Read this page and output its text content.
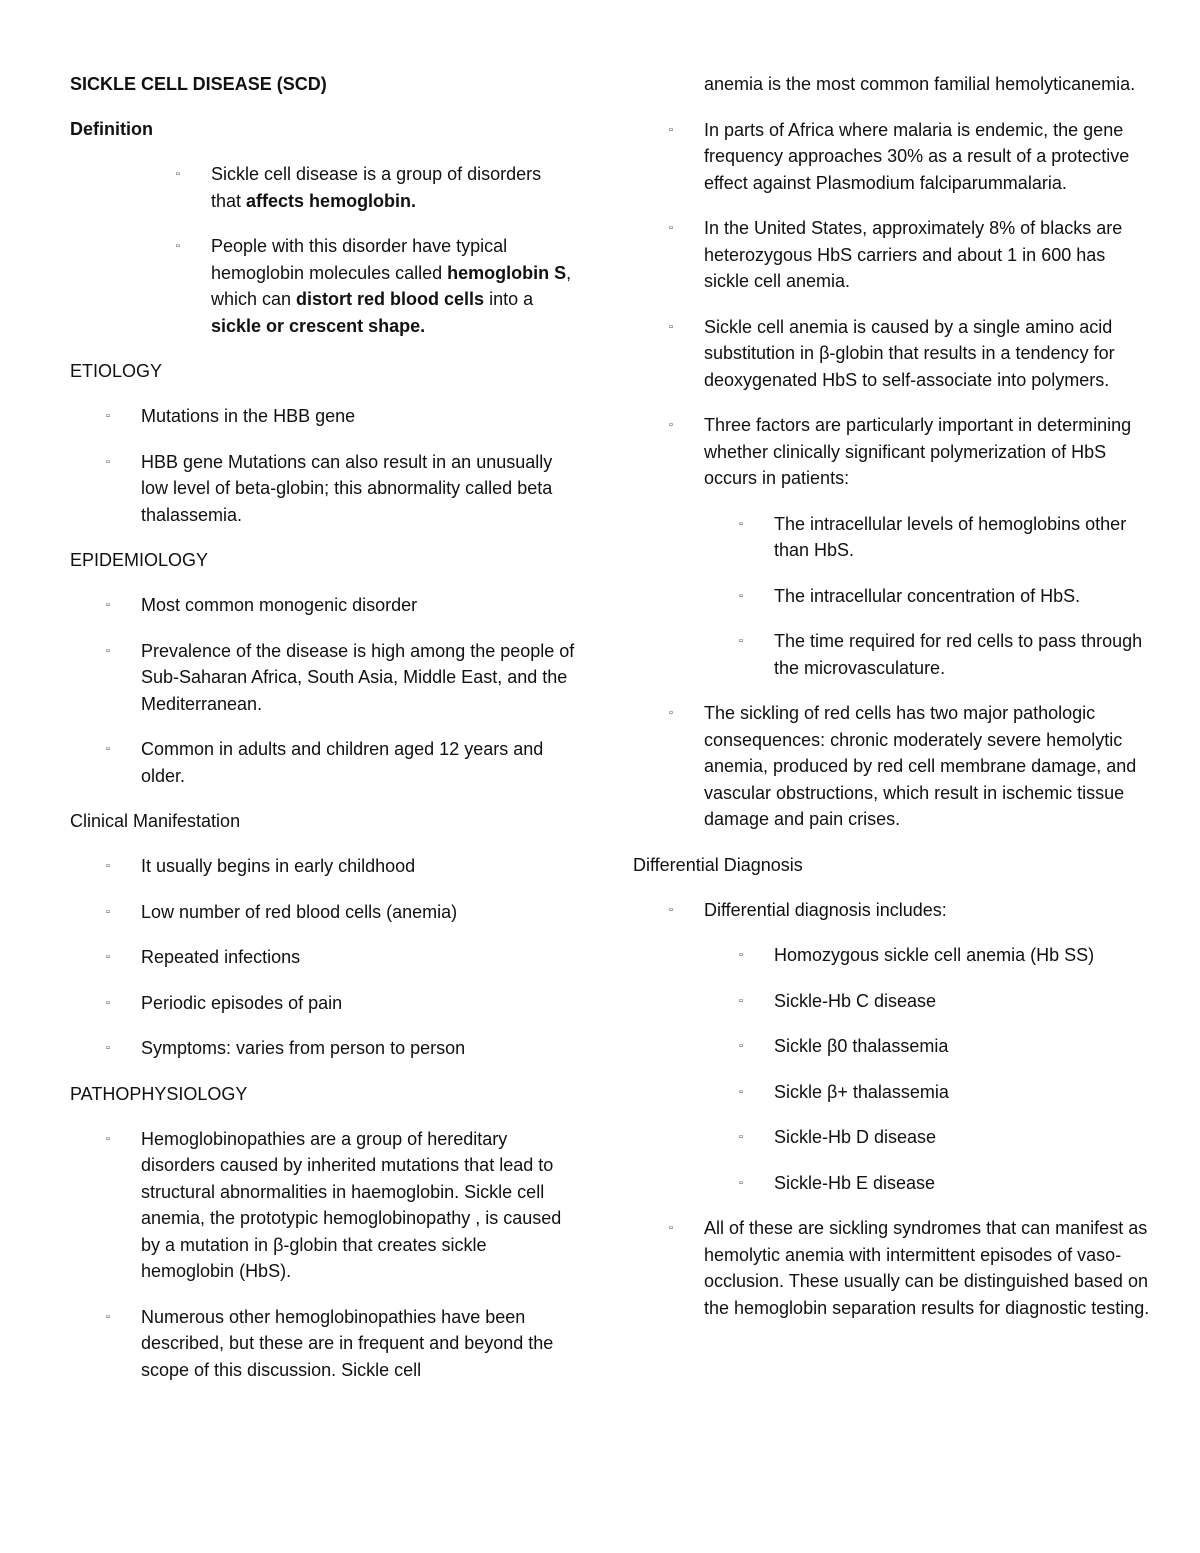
SICKLE CELL DISEASE (SCD)
Definition
▫ Sickle cell disease is a group of disorders that affects hemoglobin.
▫ People with this disorder have typical hemoglobin molecules called hemoglobin S, which can distort red blood cells into a sickle or crescent shape.
ETIOLOGY
▫ Mutations in the HBB gene
▫ HBB gene Mutations can also result in an unusually low level of beta-globin; this abnormality called beta thalassemia.
EPIDEMIOLOGY
▫ Most common monogenic disorder
▫ Prevalence of the disease is high among the people of Sub-Saharan Africa, South Asia, Middle East, and the Mediterranean.
▫ Common in adults and children aged 12 years and older.
Clinical Manifestation
▫ It usually begins in early childhood
▫ Low number of red blood cells (anemia)
▫ Repeated infections
▫ Periodic episodes of pain
▫ Symptoms: varies from person to person
PATHOPHYSIOLOGY
▫ Hemoglobinopathies are a group of hereditary disorders caused by inherited mutations that lead to structural abnormalities in haemoglobin. Sickle cell anemia, the prototypic hemoglobinopathy , is caused by a mutation in β-globin that creates sickle hemoglobin (HbS).
▫ Numerous other hemoglobinopathies have been described, but these are in frequent and beyond the scope of this discussion. Sickle cell
anemia is the most common familial hemolyticanemia.
▫ In parts of Africa where malaria is endemic, the gene frequency approaches 30% as a result of a protective effect against Plasmodium falciparummalaria.
▫ In the United States, approximately 8% of blacks are heterozygous HbS carriers and about 1 in 600 has sickle cell anemia.
▫ Sickle cell anemia is caused by a single amino acid substitution in β-globin that results in a tendency for deoxygenated HbS to self-associate into polymers.
▫ Three factors are particularly important in determining whether clinically significant polymerization of HbS occurs in patients:
▫ The intracellular levels of hemoglobins other than HbS.
▫ The intracellular concentration of HbS.
▫ The time required for red cells to pass through the microvasculature.
▫ The sickling of red cells has two major pathologic consequences: chronic moderately severe hemolytic anemia, produced by red cell membrane damage, and vascular obstructions, which result in ischemic tissue damage and pain crises.
Differential Diagnosis
▫ Differential diagnosis includes:
▫ Homozygous sickle cell anemia (Hb SS)
▫ Sickle-Hb C disease
▫ Sickle β0 thalassemia
▫ Sickle β+ thalassemia
▫ Sickle-Hb D disease
▫ Sickle-Hb E disease
▫ All of these are sickling syndromes that can manifest as hemolytic anemia with intermittent episodes of vaso-occlusion. These usually can be distinguished based on the hemoglobin separation results for diagnostic testing.
